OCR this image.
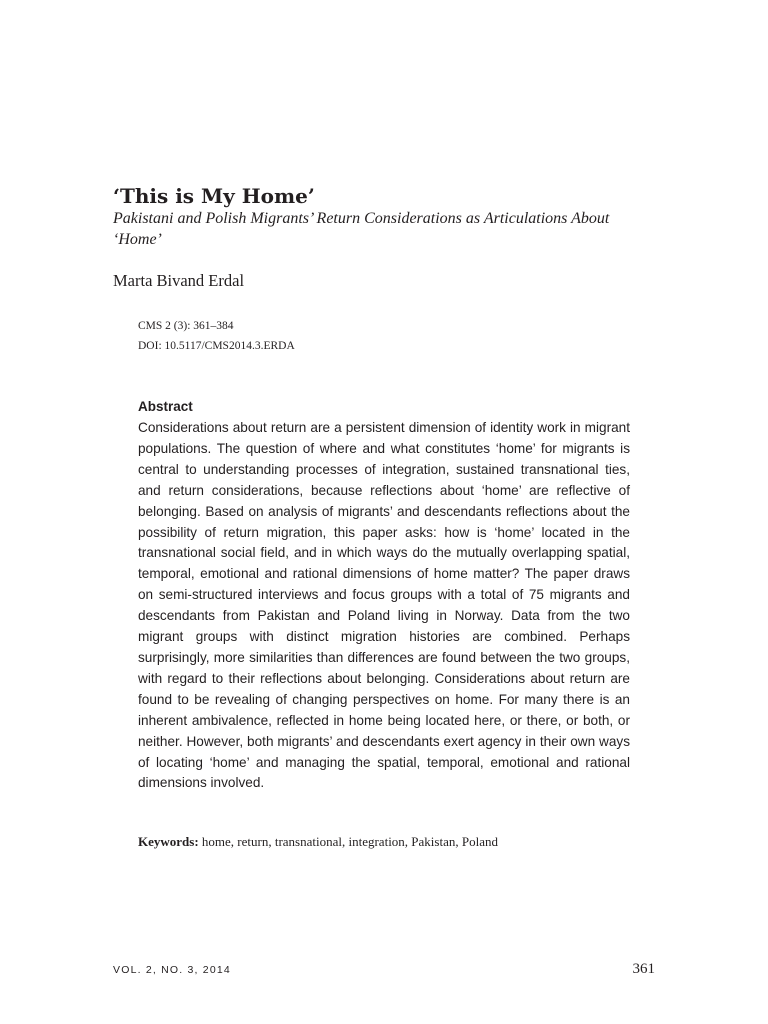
‘This is My Home’

Pakistani and Polish Migrants’ Return Considerations as Articulations About ‘Home’

Marta Bivand Erdal

CMS 2 (3): 361–384
DOI: 10.5117/CMS2014.3.ERDA
Abstract

Considerations about return are a persistent dimension of identity work in migrant populations. The question of where and what constitutes ‘home’ for migrants is central to understanding processes of integration, sustained transnational ties, and return considerations, because reflections about ‘home’ are reflective of belonging. Based on analysis of migrants’ and descendants reflections about the possibility of return migration, this paper asks: how is ‘home’ located in the transnational social field, and in which ways do the mutually overlapping spatial, temporal, emotional and rational dimensions of home matter? The paper draws on semi-structured interviews and focus groups with a total of 75 migrants and descendants from Pakistan and Poland living in Norway. Data from the two migrant groups with distinct migration histories are combined. Perhaps surprisingly, more similarities than differences are found between the two groups, with regard to their reflections about belonging. Considerations about return are found to be revealing of changing perspectives on home. For many there is an inherent ambivalence, reflected in home being located here, or there, or both, or neither. However, both migrants’ and descendants exert agency in their own ways of locating ‘home’ and managing the spatial, temporal, emotional and rational dimensions involved.

Keywords: home, return, transnational, integration, Pakistan, Poland

VOL. 2, NO. 3, 2014	361
